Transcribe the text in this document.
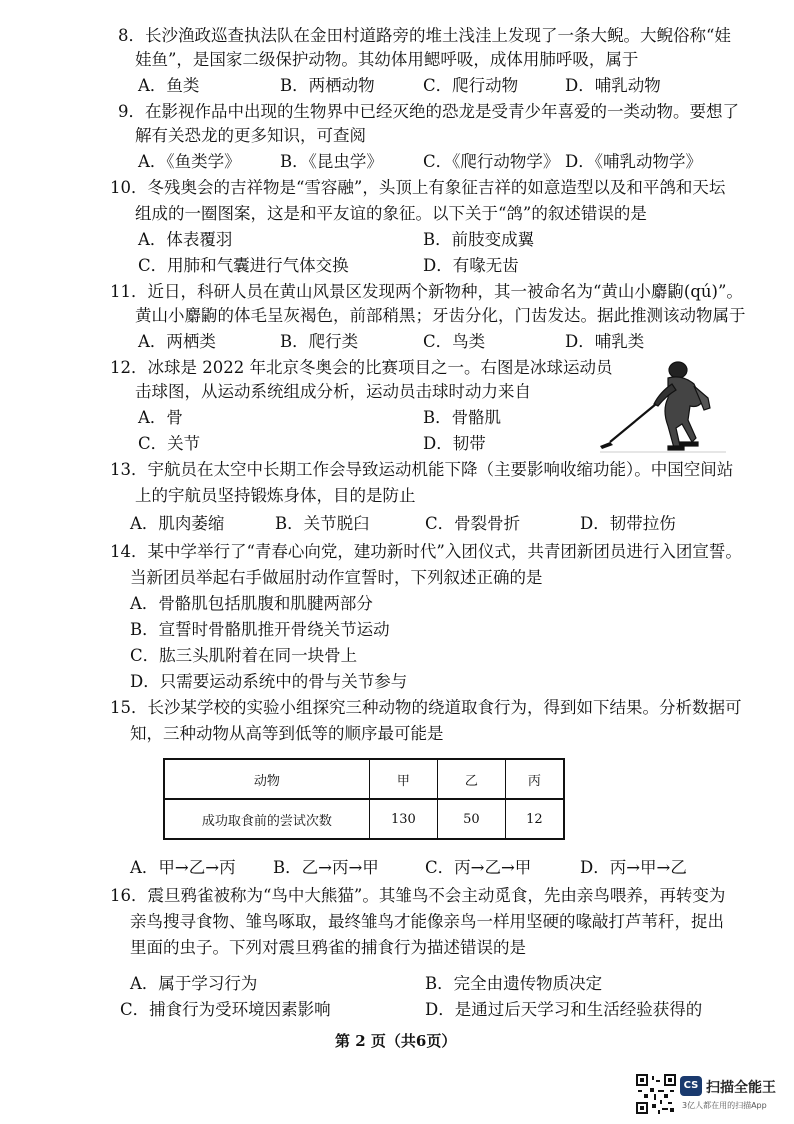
8．长沙渔政巡查执法队在金田村道路旁的堆土浅洼上发现了一条大鲵。大鲵俗称“娃
娃鱼”，是国家二级保护动物。其幼体用鳃呼吸，成体用肺呼吸，属于
A．鱼类	B．两栖动物	C．爬行动物	D．哺乳动物
9．在影视作品中出现的生物界中已经灭绝的恐龙是受青少年喜爱的一类动物。要想了
解有关恐龙的更多知识，可查阅
A．《鱼类学》 B．《昆虫学》 C．《爬行动物学》 D．《哺乳动物学》
10．冬残奥会的吉祥物是“雪容融”，头顶上有象征吉祥的如意造型以及和平鸽和天坛
组成的一圈图案，这是和平友谊的象征。以下关于“鸽”的叙述错误的是
A．体表覆羽	B．前肢变成翼
C．用肺和气囊进行气体交换	D．有喙无齿
11．近日，科研人员在黄山风景区发现两个新物种，其一被命名为“黄山小麝鼩(qú)”。
黄山小麝鼩的体毛呈灰褐色，前部稍黑；牙齿分化，门齿发达。据此推测该动物属于
A．两栖类	B．爬行类	C．鸟类	D．哺乳类
12．冰球是 2022 年北京冬奥会的比赛项目之一。右图是冰球运动员
击球图，从运动系统组成分析，运动员击球时动力来自
A．骨	B．骨骼肌
C．关节	D．韧带
13．宇航员在太空中长期工作会导致运动机能下降（主要影响收缩功能）。中国空间站
上的宇航员坚持锻炼身体，目的是防止
A．肌肉萎缩	B．关节脱臼	C．骨裂骨折	D．韧带拉伤
14．某中学举行了“青春心向党，建功新时代”入团仪式，共青团新团员进行入团宣誓。
当新团员举起右手做屈肘动作宣誓时，下列叙述正确的是
A．骨骼肌包括肌腹和肌腱两部分
B．宣誓时骨骼肌推开骨绕关节运动
C．肱三头肌附着在同一块骨上
D．只需要运动系统中的骨与关节参与
15．长沙某学校的实验小组探究三种动物的绕道取食行为，得到如下结果。分析数据可
知，三种动物从高等到低等的顺序最可能是
动物	甲	乙	丙
成功取食前的尝试次数	130	50	12
A．甲→乙→丙 B．乙→丙→甲	C．丙→乙→甲	D．丙→甲→乙
16．震旦鸦雀被称为“鸟中大熊猫”。其雏鸟不会主动觅食，先由亲鸟喂养，再转变为
亲鸟搜寻食物、雏鸟啄取，最终雏鸟才能像亲鸟一样用坚硬的喙敲打芦苇秆，捉出
里面的虫子。下列对震旦鸦雀的捕食行为描述错误的是
A．属于学习行为	B．完全由遗传物质决定
C．捕食行为受环境因素影响	D．是通过后天学习和生活经验获得的
第 2 页（共6页）
CS 扫描全能王
3亿人都在用的扫描App
